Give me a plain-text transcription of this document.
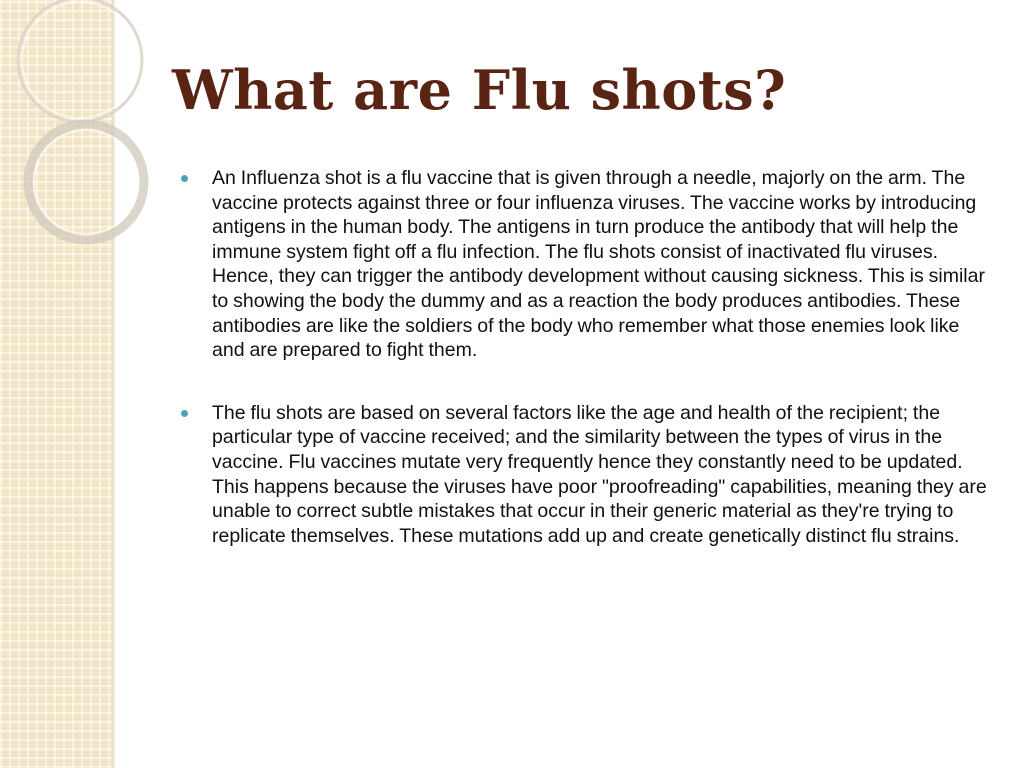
What are Flu shots?
An Influenza shot is a flu vaccine that is given through a needle, majorly on the arm. The vaccine protects against three or four influenza viruses. The vaccine works by introducing antigens in the human body. The antigens in turn produce the antibody that will help the immune system fight off a flu infection. The flu shots consist of inactivated flu viruses. Hence, they can trigger the antibody development without causing sickness. This is similar to showing the body the dummy and as a reaction the body produces antibodies. These antibodies are like the soldiers of the body who remember what those enemies look like and are prepared to fight them.
The flu shots are based on several factors like the age and health of the recipient; the particular type of vaccine received; and the similarity between the types of virus in the vaccine. Flu vaccines mutate very frequently hence they constantly need to be updated. This happens because the viruses have poor "proofreading" capabilities, meaning they are unable to correct subtle mistakes that occur in their generic material as they're trying to replicate themselves. These mutations add up and create genetically distinct flu strains.
